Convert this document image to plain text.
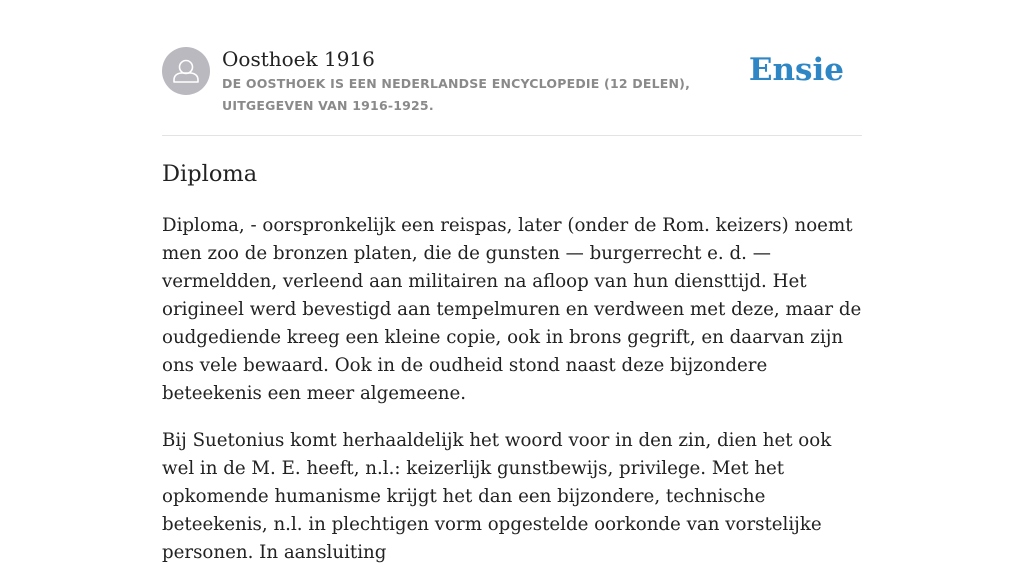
Oosthoek 1916
DE OOSTHOEK IS EEN NEDERLANDSE ENCYCLOPEDIE (12 DELEN), UITGEGEVEN VAN 1916-1925.
Ensie
Diploma

Diploma, - oorspronkelijk een reispas, later (onder de Rom. keizers) noemt men zoo de bronzen platen, die de gunsten — burgerrecht e. d. — vermeldden, verleend aan militairen na afloop van hun diensttijd. Het origineel werd bevestigd aan tempelmuren en verdween met deze, maar de oudgediende kreeg een kleine copie, ook in brons gegrift, en daarvan zijn ons vele bewaard. Ook in de oudheid stond naast deze bijzondere beteekenis een meer algemeene.

Bij Suetonius komt herhaaldelijk het woord voor in den zin, dien het ook wel in de M. E. heeft, n.l.: keizerlijk gunstbewijs, privilege. Met het opkomende humanisme krijgt het dan een bijzondere, technische beteekenis, n.l. in plechtigen vorm opgestelde oorkonde van vorstelijke personen. In aansluiting
